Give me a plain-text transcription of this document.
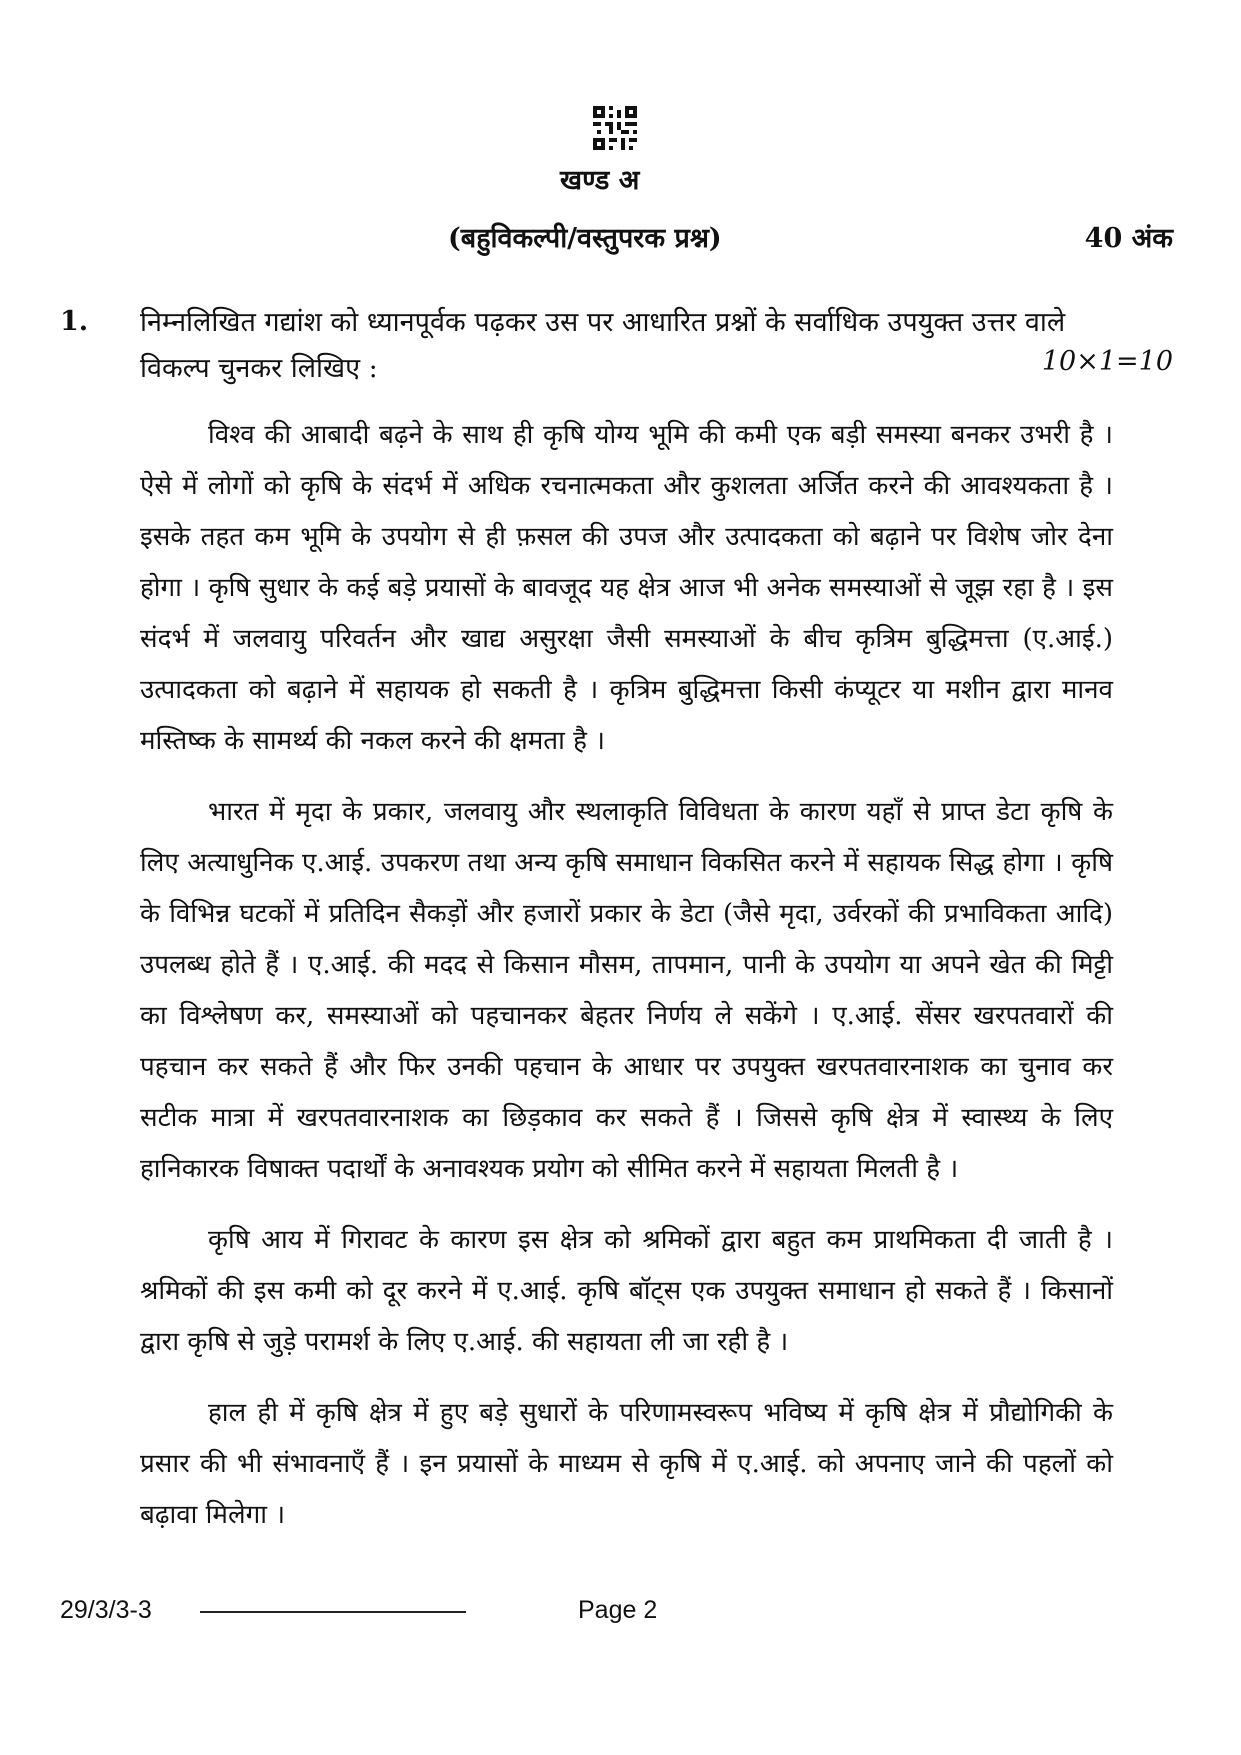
खण्ड अ
(बहुविकल्पी/वस्तुपरक प्रश्न)	40 अंक
1. निम्नलिखित गद्यांश को ध्यानपूर्वक पढ़कर उस पर आधारित प्रश्नों के सर्वाधिक उपयुक्त उत्तर वाले विकल्प चुनकर लिखिए :	10×1=10

विश्व की आबादी बढ़ने के साथ ही कृषि योग्य भूमि की कमी एक बड़ी समस्या बनकर उभरी है । ऐसे में लोगों को कृषि के संदर्भ में अधिक रचनात्मकता और कुशलता अर्जित करने की आवश्यकता है । इसके तहत कम भूमि के उपयोग से ही फ़सल की उपज और उत्पादकता को बढ़ाने पर विशेष जोर देना होगा । कृषि सुधार के कई बड़े प्रयासों के बावजूद यह क्षेत्र आज भी अनेक समस्याओं से जूझ रहा है । इस संदर्भ में जलवायु परिवर्तन और खाद्य असुरक्षा जैसी समस्याओं के बीच कृत्रिम बुद्धिमत्ता (ए.आई.) उत्पादकता को बढ़ाने में सहायक हो सकती है । कृत्रिम बुद्धिमत्ता किसी कंप्यूटर या मशीन द्वारा मानव मस्तिष्क के सामर्थ्य की नकल करने की क्षमता है ।

भारत में मृदा के प्रकार, जलवायु और स्थलाकृति विविधता के कारण यहाँ से प्राप्त डेटा कृषि के लिए अत्याधुनिक ए.आई. उपकरण तथा अन्य कृषि समाधान विकसित करने में सहायक सिद्ध होगा । कृषि के विभिन्न घटकों में प्रतिदिन सैकड़ों और हजारों प्रकार के डेटा (जैसे मृदा, उर्वरकों की प्रभाविकता आदि) उपलब्ध होते हैं । ए.आई. की मदद से किसान मौसम, तापमान, पानी के उपयोग या अपने खेत की मिट्टी का विश्लेषण कर, समस्याओं को पहचानकर बेहतर निर्णय ले सकेंगे । ए.आई. सेंसर खरपतवारों की पहचान कर सकते हैं और फिर उनकी पहचान के आधार पर उपयुक्त खरपतवारनाशक का चुनाव कर सटीक मात्रा में खरपतवारनाशक का छिड़काव कर सकते हैं । जिससे कृषि क्षेत्र में स्वास्थ्य के लिए हानिकारक विषाक्त पदार्थों के अनावश्यक प्रयोग को सीमित करने में सहायता मिलती है ।

कृषि आय में गिरावट के कारण इस क्षेत्र को श्रमिकों द्वारा बहुत कम प्राथमिकता दी जाती है । श्रमिकों की इस कमी को दूर करने में ए.आई. कृषि बॉट्स एक उपयुक्त समाधान हो सकते हैं । किसानों द्वारा कृषि से जुड़े परामर्श के लिए ए.आई. की सहायता ली जा रही है ।

हाल ही में कृषि क्षेत्र में हुए बड़े सुधारों के परिणामस्वरूप भविष्य में कृषि क्षेत्र में प्रौद्योगिकी के प्रसार की भी संभावनाएँ हैं । इन प्रयासों के माध्यम से कृषि में ए.आई. को अपनाए जाने की पहलों को बढ़ावा मिलेगा ।

29/3/3-3	Page 2
